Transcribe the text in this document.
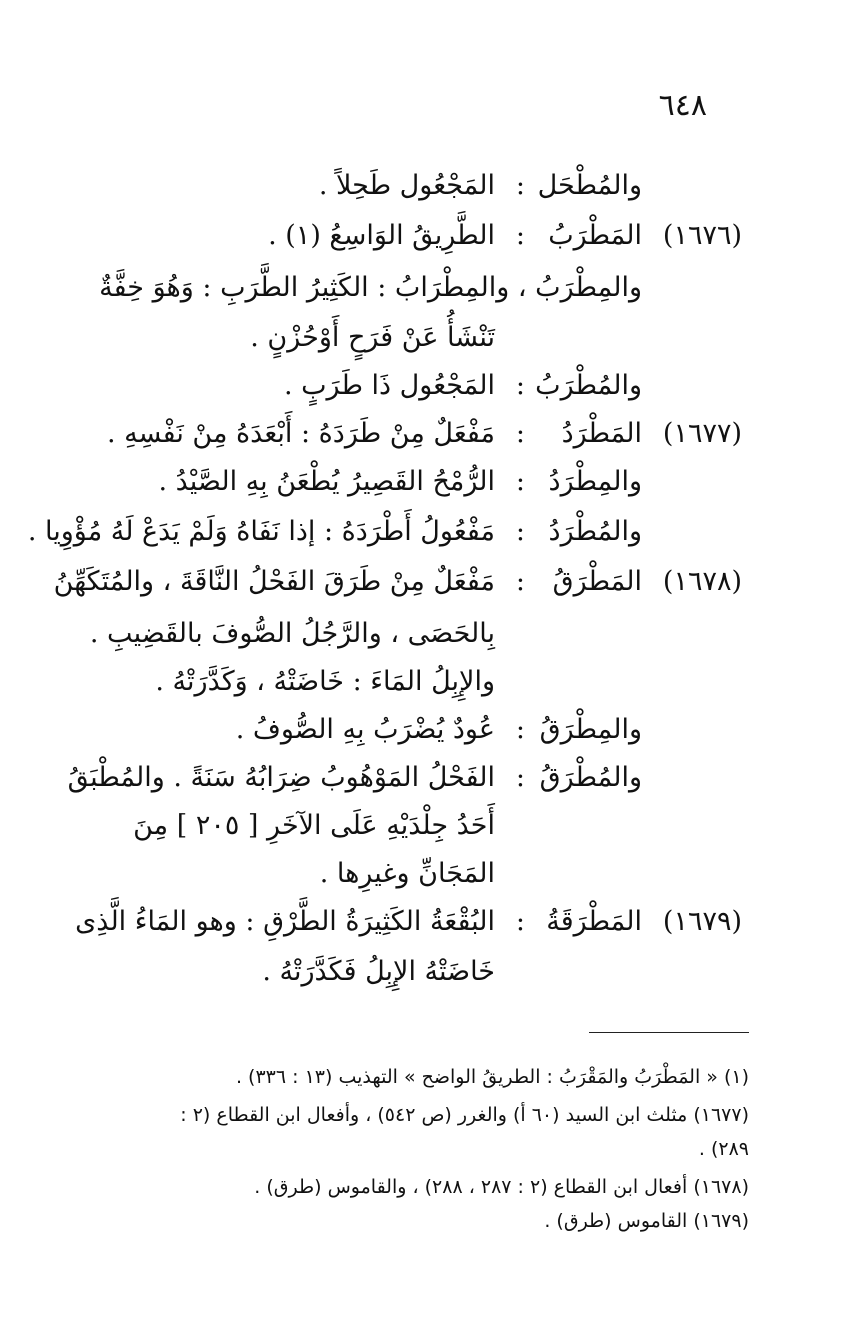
٦٤٨
والمُطْحَل
:
المَجْعُول طَحِلاً .
(١٦٧٦)
المَطْرَبُ
:
الطَّرِيقُ الوَاسِعُ (١) .
والمِطْرَبُ ، والمِطْرَابُ : الكَثِيرُ الطَّرَبِ : وَهُوَ خِفَّةٌ
تَنْشَأُ عَنْ فَرَحٍ أَوْحُزْنٍ .
والمُطْرَبُ
:
المَجْعُول ذَا طَرَبٍ .
(١٦٧٧)
المَطْرَدُ
:
مَفْعَلٌ مِنْ طَرَدَهُ : أَبْعَدَهُ مِنْ نَفْسِهِ .
والمِطْرَدُ
:
الرُّمْحُ القَصِيرُ يُطْعَنُ بِهِ الصَّيْدُ .
والمُطْرَدُ
:
مَفْعُولُ أَطْرَدَهُ : إذا نَفَاهُ وَلَمْ يَدَعْ لَهُ مُؤْوِيا .
(١٦٧٨)
المَطْرَقُ
:
مَفْعَلٌ مِنْ طَرَقَ الفَحْلُ النَّاقَةَ ، والمُتَكَهِّنُ
بِالحَصَى ، والرَّجُلُ الصُّوفَ بالقَضِيبِ .
والإِبِلُ المَاءَ : خَاضَتْهُ ، وَكَدَّرَتْهُ .
والمِطْرَقُ
:
عُودٌ يُضْرَبُ بِهِ الصُّوفُ .
والمُطْرَقُ
:
الفَحْلُ المَوْهُوبُ ضِرَابُهُ سَنَةً . والمُطْبَقُ
أَحَدُ جِلْدَيْهِ عَلَى الآخَرِ [ ٢٠٥ ] مِنَ
المَجَانِّ وغيرِها .
(١٦٧٩)
المَطْرَقَةُ
:
البُقْعَةُ الكَثِيرَةُ الطَّرْقِ : وهو المَاءُ الَّذِى
خَاضَتْهُ الإِبِلُ فَكَدَّرَتْهُ .
(١) « المَطْرَبُ والمَقْرَبُ : الطريقُ الواضح » التهذيب (١٣ : ٣٣٦) .
(١٦٧٧) مثلث ابن السيد (٦٠ أ) والغرر (ص ٥٤٢) ، وأفعال ابن القطاع (٢ :
٢٨٩) .
(١٦٧٨) أفعال ابن القطاع (٢ : ٢٨٧ ، ٢٨٨) ، والقاموس (طرق) .
(١٦٧٩) القاموس (طرق) .
